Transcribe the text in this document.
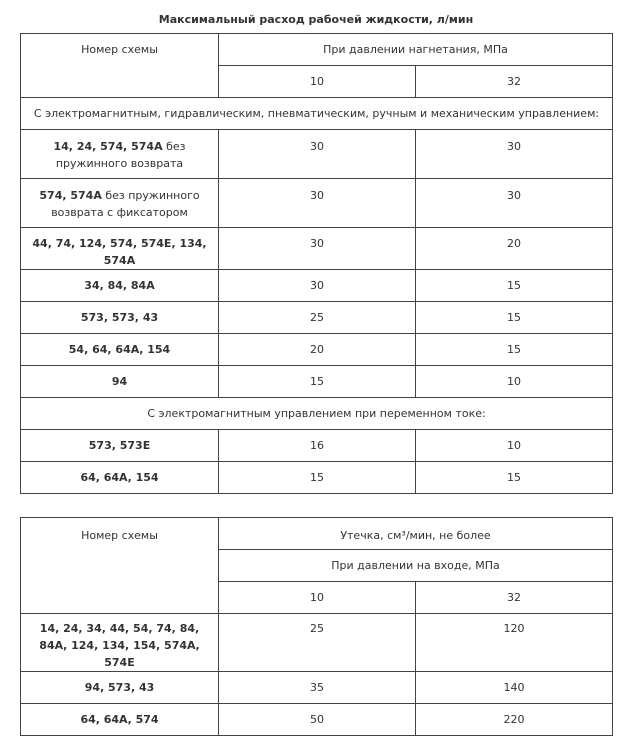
Максимальный расход рабочей жидкости, л/мин
Номер схемы	При давлении нагнетания, МПа	
	10	32
С электромагнитным, гидравлическим, пневматическим, ручным и механическим управлением:		
14, 24, 574, 574А без пружинного возврата	30	30
574, 574А без пружинного возврата с фиксатором	30	30
44, 74, 124, 574, 574Е, 134, 574А	30	20
34, 84, 84А	30	15
573, 573, 43	25	15
54, 64, 64А, 154	20	15
94	15	10
С электромагнитным управлением при переменном токе:		
573, 573Е	16	10
64, 64А, 154	15	15
Номер схемы	Утечка, см³/мин, не более	
	При давлении на входе, МПа	
	10	32
14, 24, 34, 44, 54, 74, 84, 84А, 124, 134, 154, 574А, 574Е	25	120
94, 573, 43	35	140
64, 64А, 574	50	220
